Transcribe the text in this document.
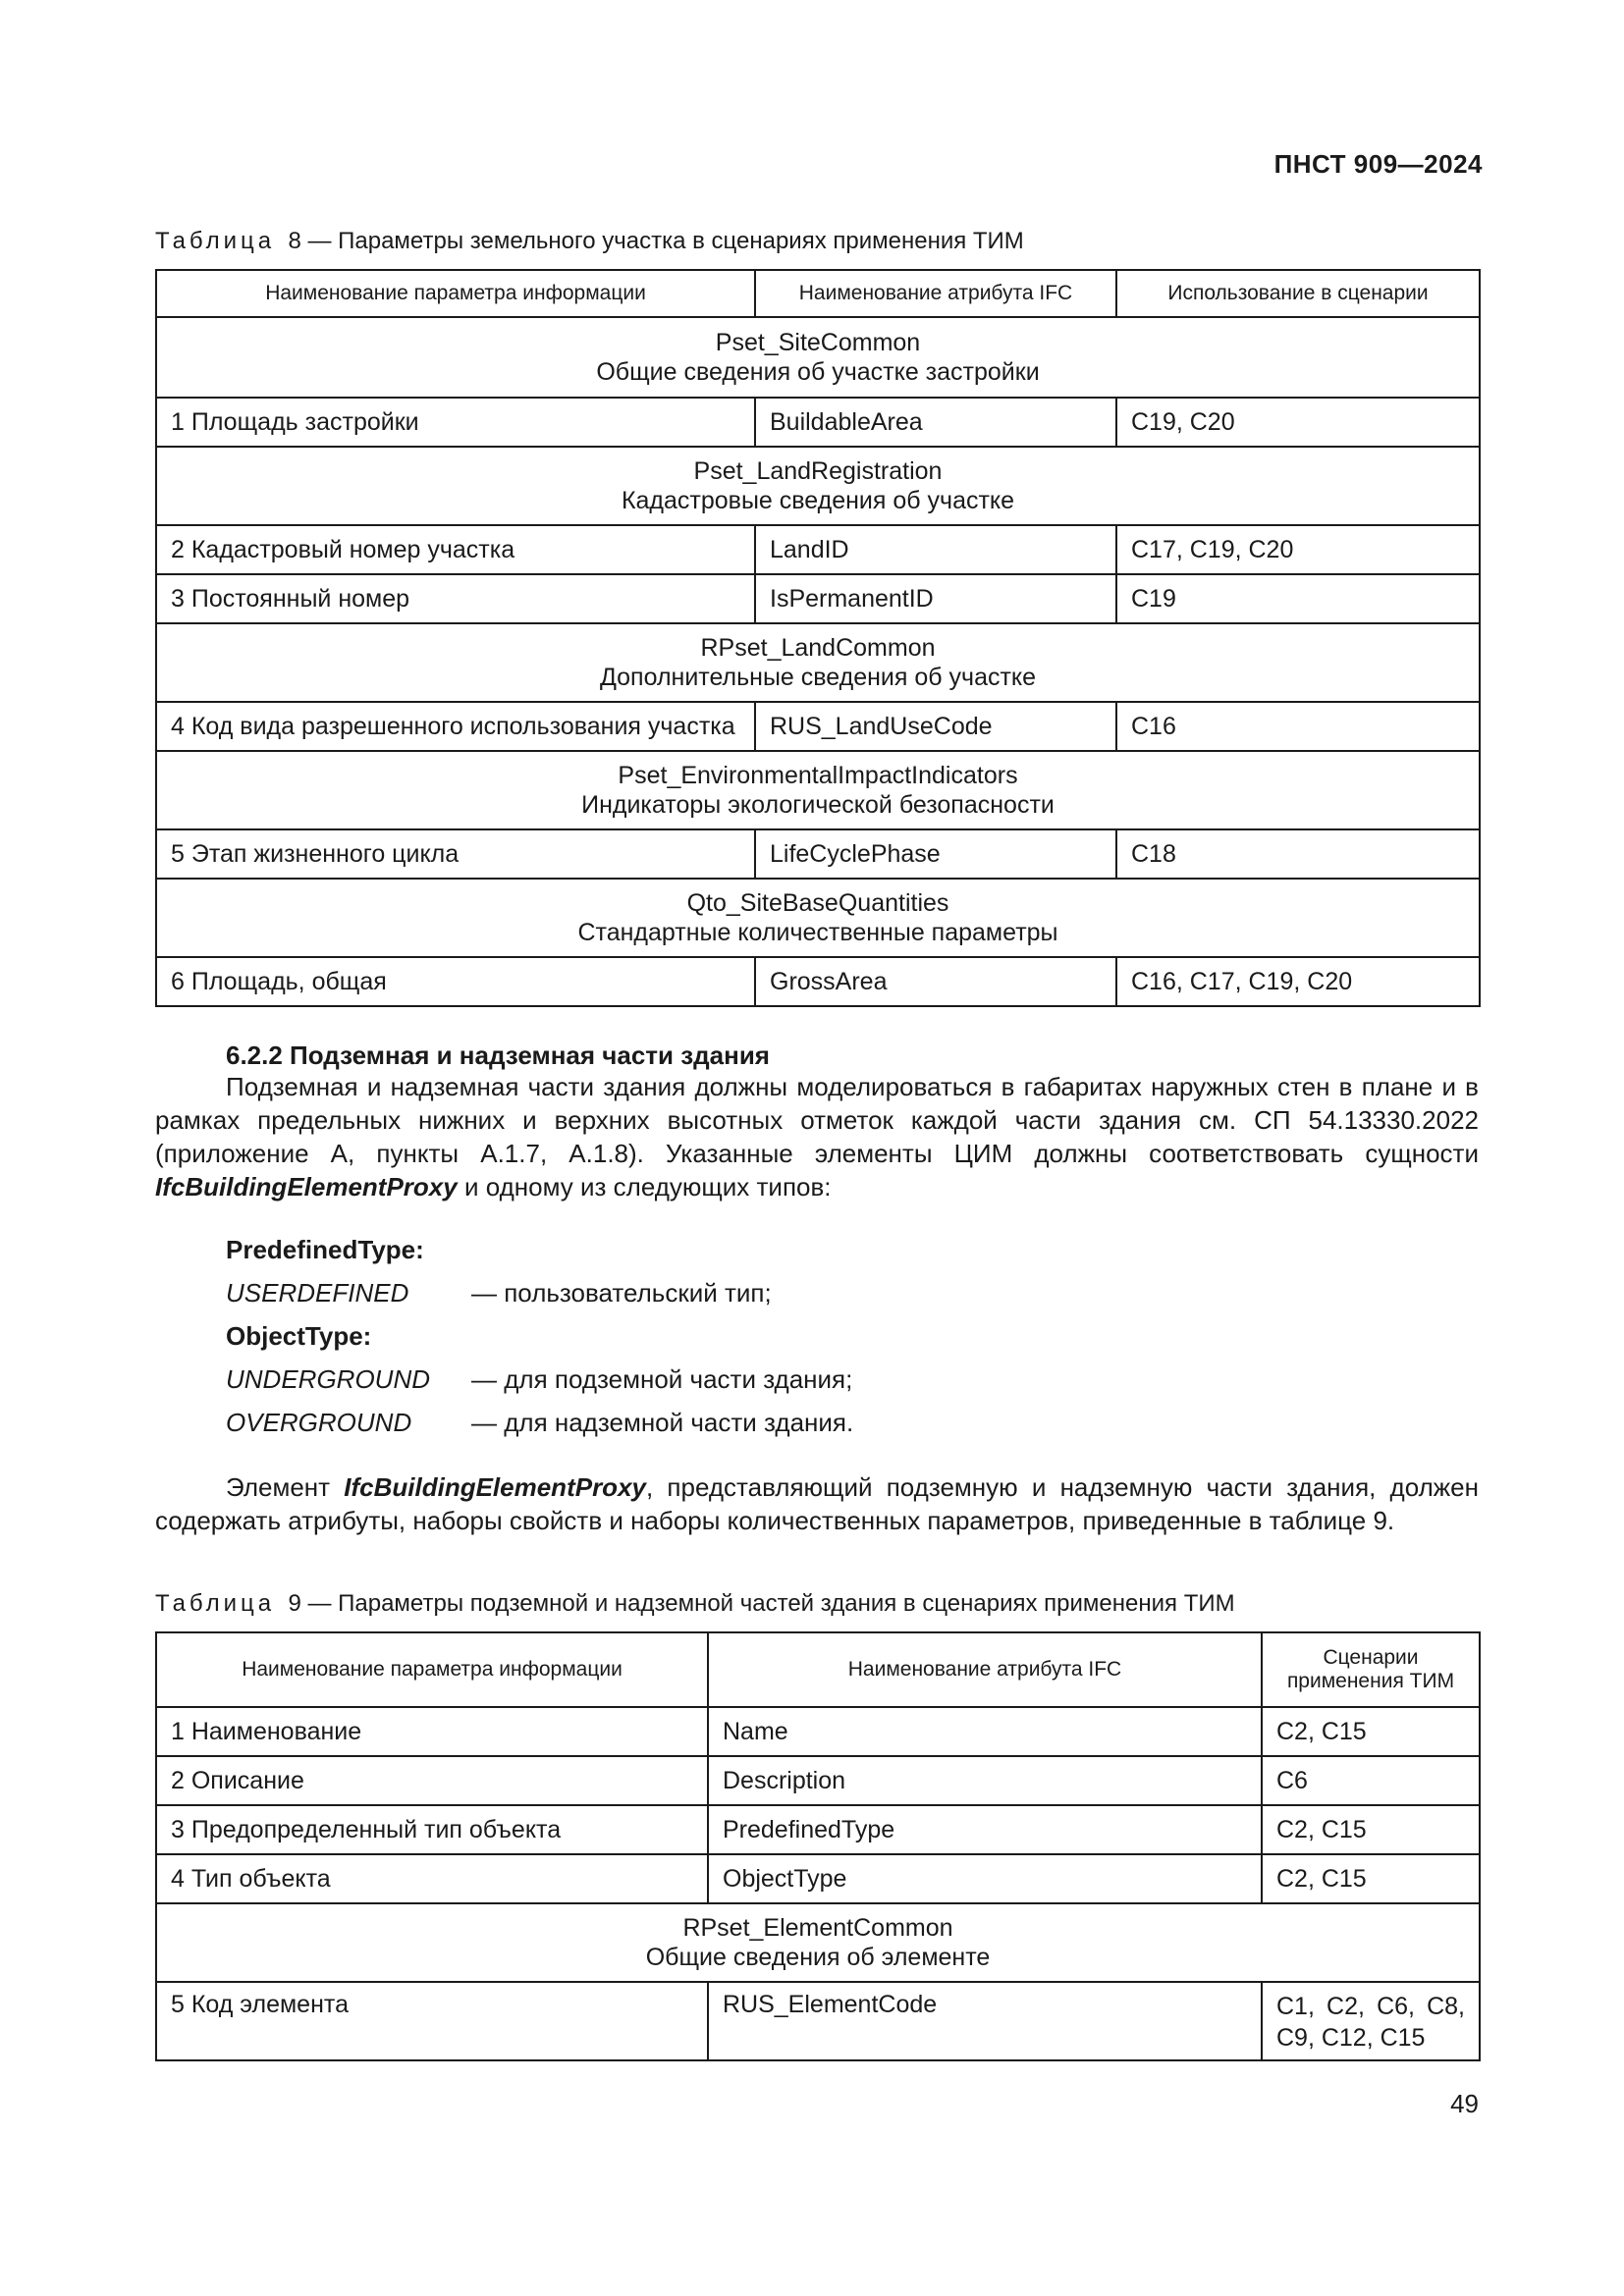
ПНСТ 909—2024
Таблица 8 — Параметры земельного участка в сценариях применения ТИМ
Наименование параметра информации	Наименование атрибута IFC	Использование в сценарии

Pset_SiteCommon
Общие сведения об участке застройки		

1 Площадь застройки	BuildableArea	C19, C20

Pset_LandRegistration
Кадастровые сведения об участке		

2 Кадастровый номер участка	LandID	C17, C19, C20
3 Постоянный номер	IsPermanentID	C19

RPset_LandCommon
Дополнительные сведения об участке		

4 Код вида разрешенного использования участка	RUS_LandUseCode	C16

Pset_EnvironmentalImpactIndicators
Индикаторы экологической безопасности		

5 Этап жизненного цикла	LifeCyclePhase	C18

Qto_SiteBaseQuantities
Стандартные количественные параметры		

6 Площадь, общая	GrossArea	C16, C17, C19, C20
6.2.2 Подземная и надземная части здания
Подземная и надземная части здания должны моделироваться в габаритах наружных стен в плане и в рамках предельных нижних и верхних высотных отметок каждой части здания см. СП 54.13330.2022 (приложение А, пункты А.1.7, А.1.8). Указанные элементы ЦИМ должны соответствовать сущности IfcBuildingElementProxy и одному из следующих типов:
PredefinedType:
USERDEFINED — пользовательский тип;
ObjectType:
UNDERGROUND — для подземной части здания;
OVERGROUND — для надземной части здания.
Элемент IfcBuildingElementProxy, представляющий подземную и надземную части здания, должен содержать атрибуты, наборы свойств и наборы количественных параметров, приведенные в таблице 9.
Таблица 9 — Параметры подземной и надземной частей здания в сценариях применения ТИМ
Наименование параметра информации	Наименование атрибута IFC	Сценарии применения ТИМ
1 Наименование	Name	C2, C15
2 Описание	Description	C6
3 Предопределенный тип объекта	PredefinedType	C2, C15
4 Тип объекта	ObjectType	C2, C15

RPset_ElementCommon
Общие сведения об элементе		

5 Код элемента	RUS_ElementCode	C1, C2, C6, C8, C9, C12, C15
49
